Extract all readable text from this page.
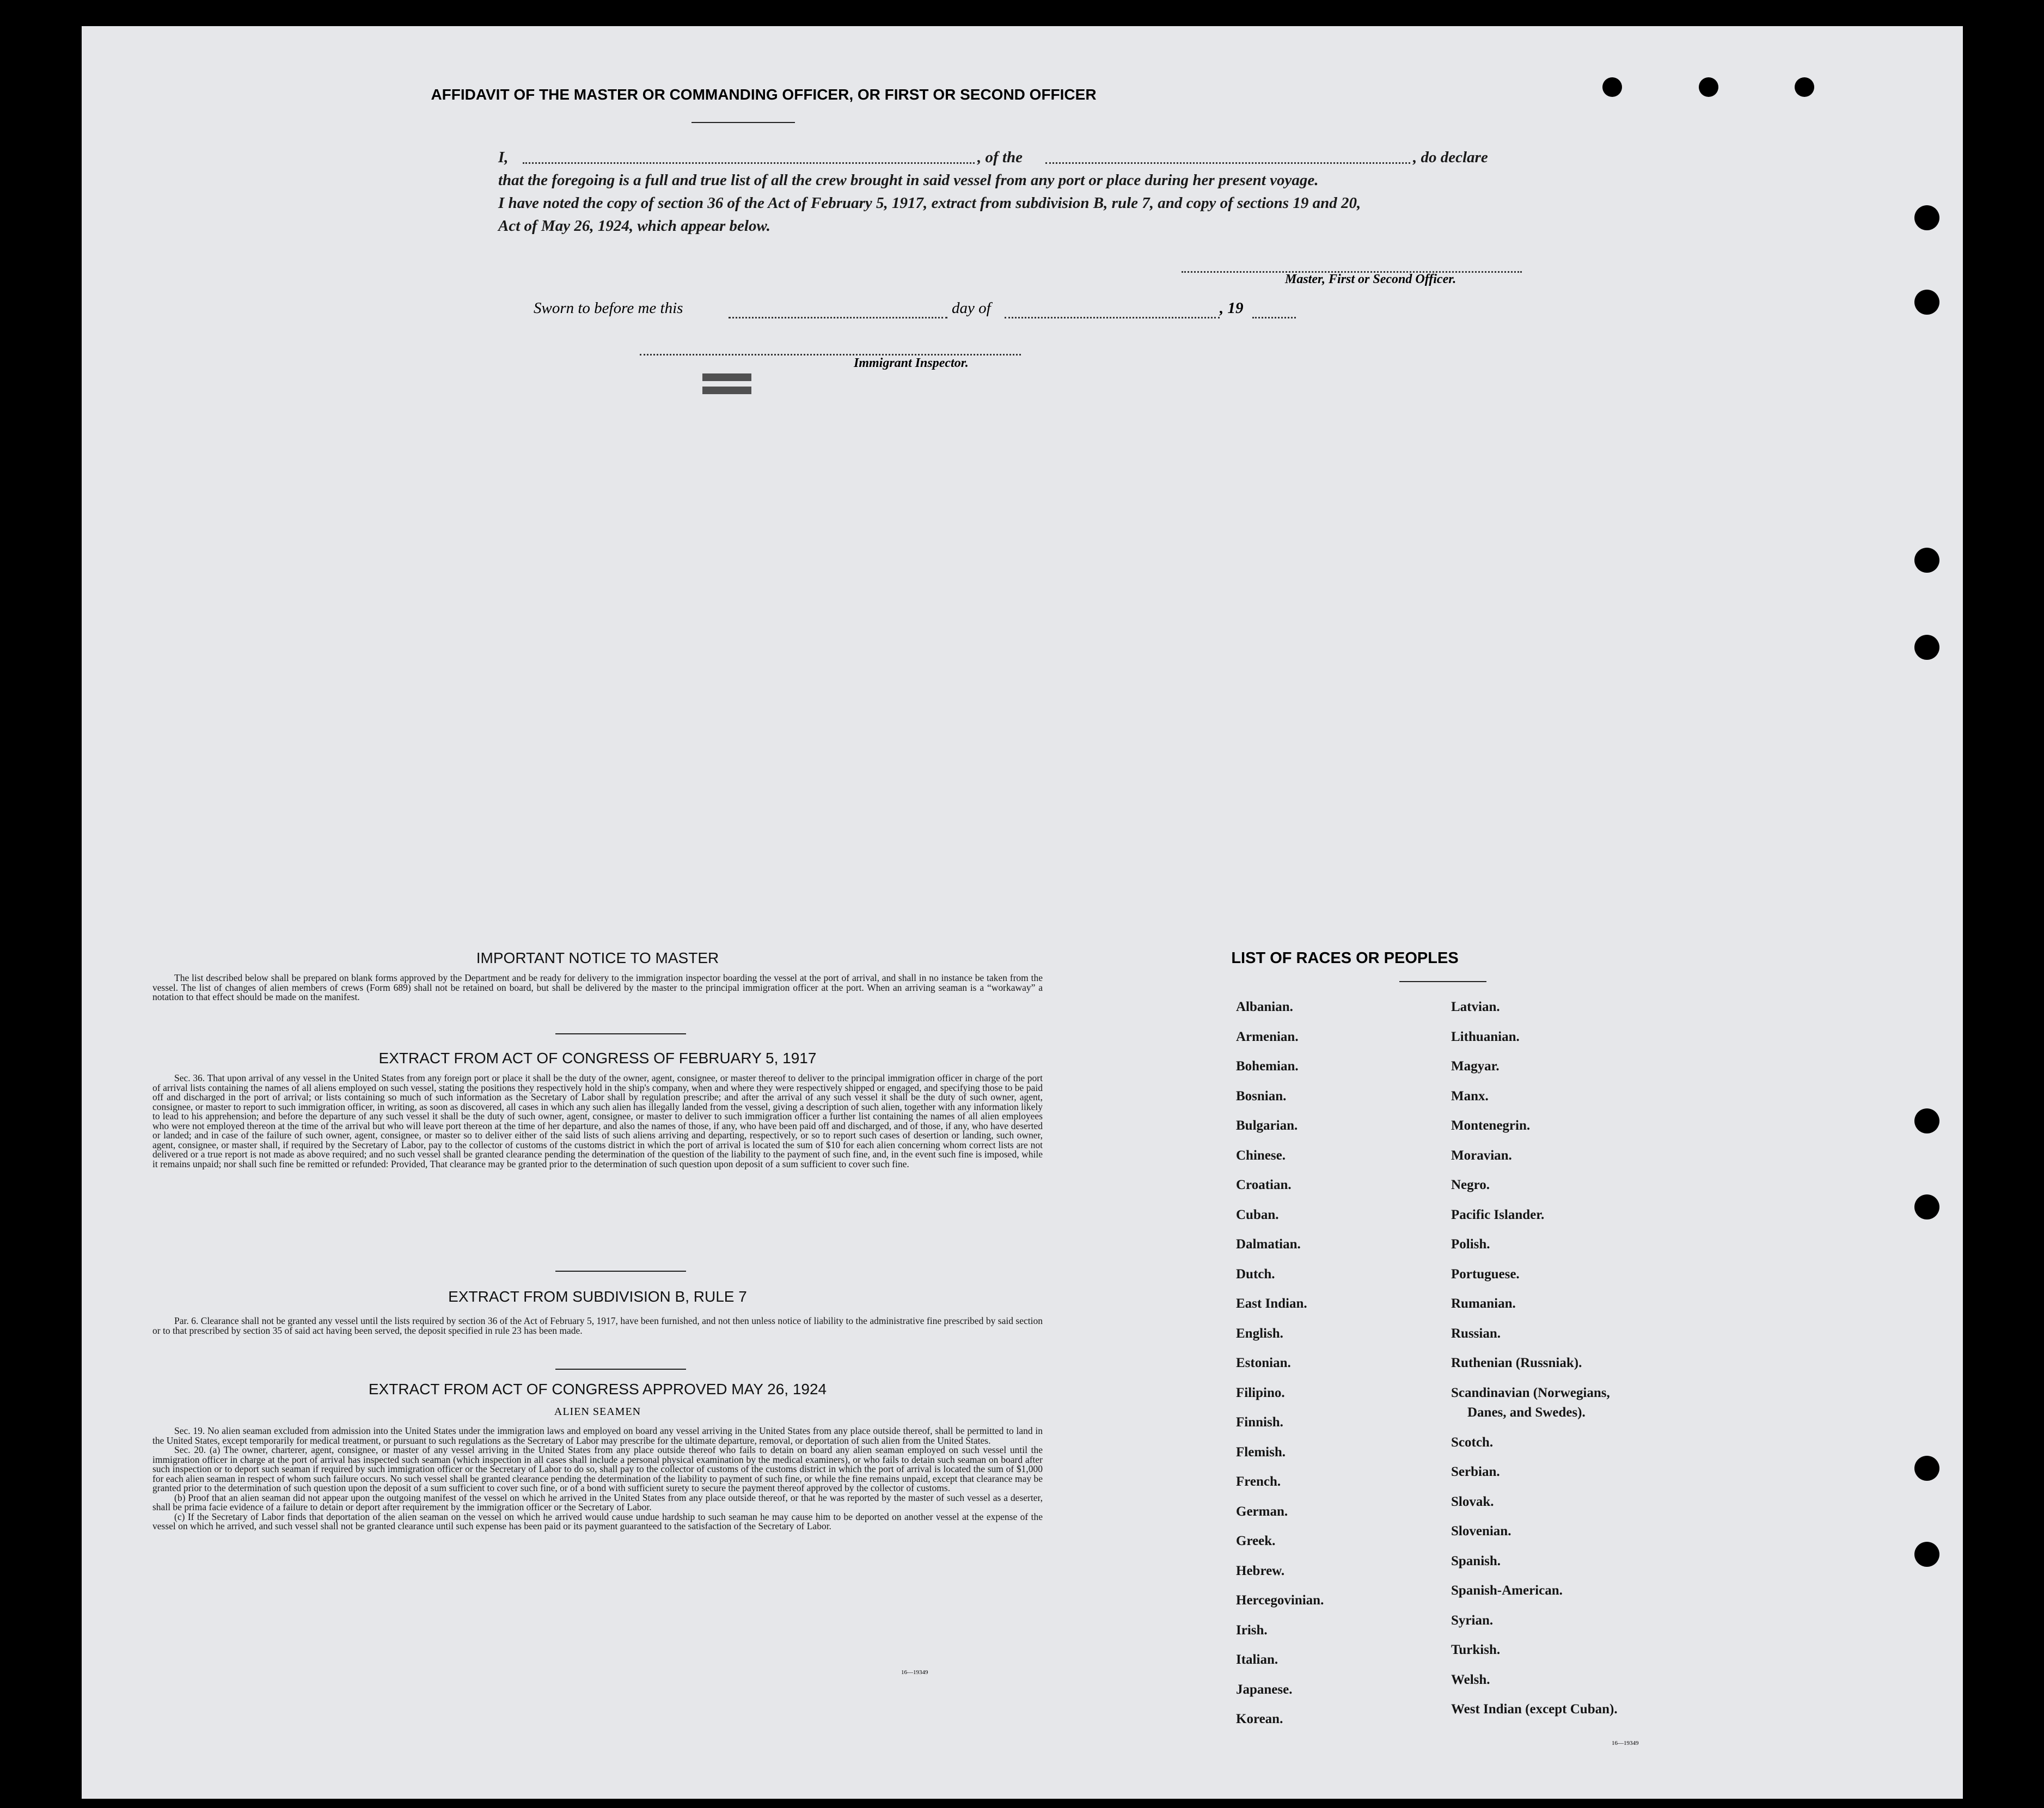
AFFIDAVIT OF THE MASTER OR COMMANDING OFFICER, OR FIRST OR SECOND OFFICER
I,	, of the	, do declare
that the foregoing is a full and true list of all the crew brought in said vessel from any port or place during her present voyage.
I have noted the copy of section 36 of the Act of February 5, 1917, extract from subdivision B, rule 7, and copy of sections 19 and 20,
Act of May 26, 1924, which appear below.
Master, First or Second Officer.
Sworn to before me this	day of	, 19
Immigrant Inspector.
IMPORTANT NOTICE TO MASTER

The list described below shall be prepared on blank forms approved by the Department and be ready for delivery to the immigration inspector boarding the vessel at the port of arrival, and shall in no instance be taken from the vessel. The list of changes of alien members of crews (Form 689) shall not be retained on board, but shall be delivered by the master to the principal immigration officer at the port. When an arriving seaman is a “workaway” a notation to that effect should be made on the manifest.

EXTRACT FROM ACT OF CONGRESS OF FEBRUARY 5, 1917

Sec. 36. That upon arrival of any vessel in the United States from any foreign port or place it shall be the duty of the owner, agent, consignee, or master thereof to deliver to the principal immigration officer in charge of the port of arrival lists containing the names of all aliens employed on such vessel, stating the positions they respectively hold in the ship's company, when and where they were respectively shipped or engaged, and specifying those to be paid off and discharged in the port of arrival; or lists containing so much of such information as the Secretary of Labor shall by regulation prescribe; and after the arrival of any such vessel it shall be the duty of such owner, agent, consignee, or master to report to such immigration officer, in writing, as soon as discovered, all cases in which any such alien has illegally landed from the vessel, giving a description of such alien, together with any information likely to lead to his apprehension; and before the departure of any such vessel it shall be the duty of such owner, agent, consignee, or master to deliver to such immigration officer a further list containing the names of all alien employees who were not employed thereon at the time of the arrival but who will leave port thereon at the time of her departure, and also the names of those, if any, who have been paid off and discharged, and of those, if any, who have deserted or landed; and in case of the failure of such owner, agent, consignee, or master so to deliver either of the said lists of such aliens arriving and departing, respectively, or so to report such cases of desertion or landing, such owner, agent, consignee, or master shall, if required by the Secretary of Labor, pay to the collector of customs of the customs district in which the port of arrival is located the sum of $10 for each alien concerning whom correct lists are not delivered or a true report is not made as above required; and no such vessel shall be granted clearance pending the determination of the question of the liability to the payment of such fine, and, in the event such fine is imposed, while it remains unpaid; nor shall such fine be remitted or refunded: Provided, That clearance may be granted prior to the determination of such question upon deposit of a sum sufficient to cover such fine.

EXTRACT FROM SUBDIVISION B, RULE 7

Par. 6. Clearance shall not be granted any vessel until the lists required by section 36 of the Act of February 5, 1917, have been furnished, and not then unless notice of liability to the administrative fine prescribed by said section or to that prescribed by section 35 of said act having been served, the deposit specified in rule 23 has been made.

EXTRACT FROM ACT OF CONGRESS APPROVED MAY 26, 1924
ALIEN SEAMEN

Sec. 19. No alien seaman excluded from admission into the United States under the immigration laws and employed on board any vessel arriving in the United States from any place outside thereof, shall be permitted to land in the United States, except temporarily for medical treatment, or pursuant to such regulations as the Secretary of Labor may prescribe for the ultimate departure, removal, or deportation of such alien from the United States.

Sec. 20. (a) The owner, charterer, agent, consignee, or master of any vessel arriving in the United States from any place outside thereof who fails to detain on board any alien seaman employed on such vessel until the immigration officer in charge at the port of arrival has inspected such seaman (which inspection in all cases shall include a personal physical examination by the medical examiners), or who fails to detain such seaman on board after such inspection or to deport such seaman if required by such immigration officer or the Secretary of Labor to do so, shall pay to the collector of customs of the customs district in which the port of arrival is located the sum of $1,000 for each alien seaman in respect of whom such failure occurs. No such vessel shall be granted clearance pending the determination of the liability to payment of such fine, or while the fine remains unpaid, except that clearance may be granted prior to the determination of such question upon the deposit of a sum sufficient to cover such fine, or of a bond with sufficient surety to secure the payment thereof approved by the collector of customs.

(b) Proof that an alien seaman did not appear upon the outgoing manifest of the vessel on which he arrived in the United States from any place outside thereof, or that he was reported by the master of such vessel as a deserter, shall be prima facie evidence of a failure to detain or deport after requirement by the immigration officer or the Secretary of Labor.

(c) If the Secretary of Labor finds that deportation of the alien seaman on the vessel on which he arrived would cause undue hardship to such seaman he may cause him to be deported on another vessel at the expense of the vessel on which he arrived, and such vessel shall not be granted clearance until such expense has been paid or its payment guaranteed to the satisfaction of the Secretary of Labor.

16—19349
LIST OF RACES OR PEOPLES
Albanian.
Armenian.
Bohemian.
Bosnian.
Bulgarian.
Chinese.
Croatian.
Cuban.
Dalmatian.
Dutch.
East Indian.
English.
Estonian.
Filipino.
Finnish.
Flemish.
French.
German.
Greek.
Hebrew.
Hercegovinian.
Irish.
Italian.
Japanese.
Korean.
Latvian.
Lithuanian.
Magyar.
Manx.
Montenegrin.
Moravian.
Negro.
Pacific Islander.
Polish.
Portuguese.
Rumanian.
Russian.
Ruthenian (Russniak).
Scandinavian (Norwegians,
Danes, and Swedes).
Scotch.
Serbian.
Slovak.
Slovenian.
Spanish.
Spanish-American.
Syrian.
Turkish.
Welsh.
West Indian (except Cuban).
16—19349
